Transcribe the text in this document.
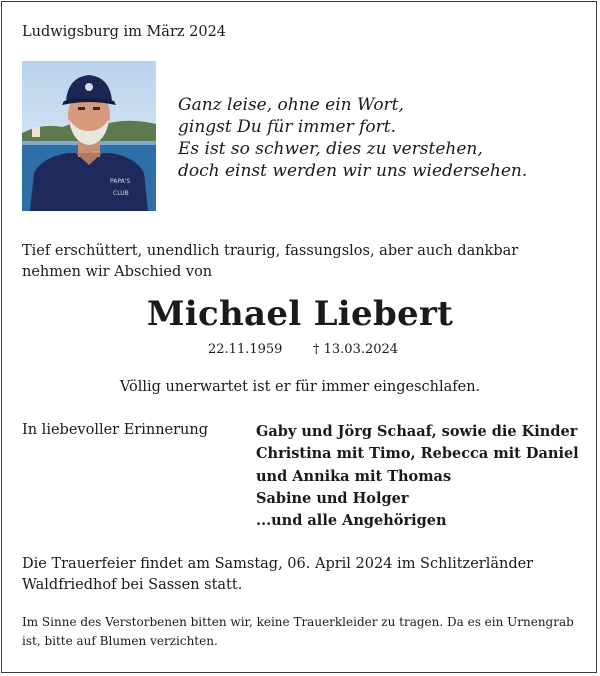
Ludwigsburg im März 2024

PAPA'S
CLUB
Ganz leise, ohne ein Wort,
gingst Du für immer fort.
Es ist so schwer, dies zu verstehen,
doch einst werden wir uns wiedersehen.

Tief erschüttert, unendlich traurig, fassungslos, aber auch dankbar nehmen wir Abschied von

Michael Liebert

22.11.1959 † 13.03.2024

Völlig unerwartet ist er für immer eingeschlafen.

In liebevoller Erinnerung	Gaby und Jörg Schaaf, sowie die Kinder
Christina mit Timo, Rebecca mit Daniel
und Annika mit Thomas
Sabine und Holger
...und alle Angehörigen

Die Trauerfeier findet am Samstag, 06. April 2024 im Schlitzerländer Waldfriedhof bei Sassen statt.

Im Sinne des Verstorbenen bitten wir, keine Trauerkleider zu tragen. Da es ein Urnengrab ist, bitte auf Blumen verzichten.
